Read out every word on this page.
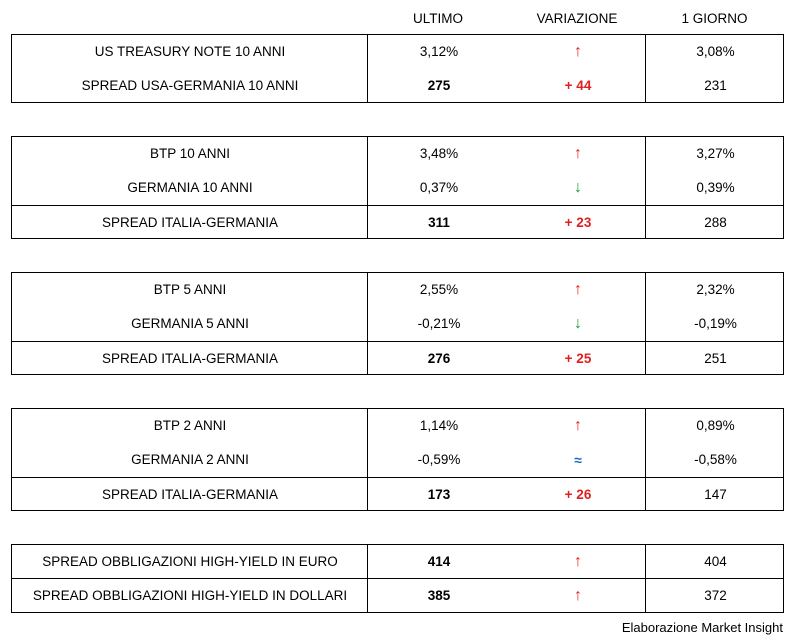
ULTIMO	VARIAZIONE	1 GIORNO
US TREASURY NOTE 10 ANNI	3,12%	↑	3,08%
SPREAD USA-GERMANIA 10 ANNI	275	+ 44	231
BTP 10 ANNI	3,48%	↑	3,27%
GERMANIA 10 ANNI	0,37%	↓	0,39%
SPREAD ITALIA-GERMANIA	311	+ 23	288
BTP 5 ANNI	2,55%	↑	2,32%
GERMANIA 5 ANNI	-0,21%	↓	-0,19%
SPREAD ITALIA-GERMANIA	276	+ 25	251
BTP 2 ANNI	1,14%	↑	0,89%
GERMANIA 2 ANNI	-0,59%	≈	-0,58%
SPREAD ITALIA-GERMANIA	173	+ 26	147
SPREAD OBBLIGAZIONI HIGH-YIELD IN EURO	414	↑	404
SPREAD OBBLIGAZIONI HIGH-YIELD IN DOLLARI	385	↑	372
Elaborazione Market Insight
